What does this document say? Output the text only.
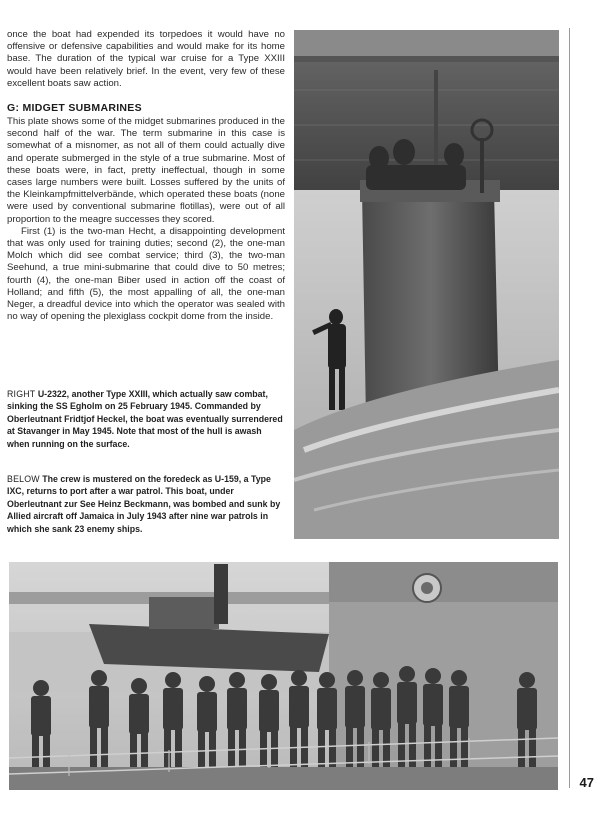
once the boat had expended its torpedoes it would have no offensive or defensive capabilities and would make for its home base. The duration of the typical war cruise for a Type XXIII would have been relatively brief. In the event, very few of these excellent boats saw action.

G: MIDGET SUBMARINES

This plate shows some of the midget submarines produced in the second half of the war. The term submarine in this case is somewhat of a misnomer, as not all of them could actually dive and operate submerged in the style of a true submarine. Most of these boats were, in fact, pretty ineffectual, though in some cases large numbers were built. Losses suffered by the units of the Kleinkampfmittelverbände, which operated these boats (none were used by conventional submarine flotillas), were out of all proportion to the meagre successes they scored.

First (1) is the two-man Hecht, a disappointing development that was only used for training duties; second (2), the one-man Molch which did see combat service; third (3), the two-man Seehund, a true mini-submarine that could dive to 50 metres; fourth (4), the one-man Biber used in action off the coast of Holland; and fifth (5), the most appalling of all, the one-man Neger, a dreadful device into which the operator was sealed with no way of opening the plexiglass cockpit dome from the inside.

RIGHT U-2322, another Type XXIII, which actually saw combat, sinking the SS Egholm on 25 February 1945. Commanded by Oberleutnant Fridtjof Heckel, the boat was eventually surrendered at Stavanger in May 1945. Note that most of the hull is awash when running on the surface.

BELOW The crew is mustered on the foredeck as U-159, a Type IXC, returns to port after a war patrol. This boat, under Oberleutnant zur See Heinz Beckmann, was bombed and sunk by Allied aircraft off Jamaica in July 1943 after nine war patrols in which she sank 23 enemy ships.

47
